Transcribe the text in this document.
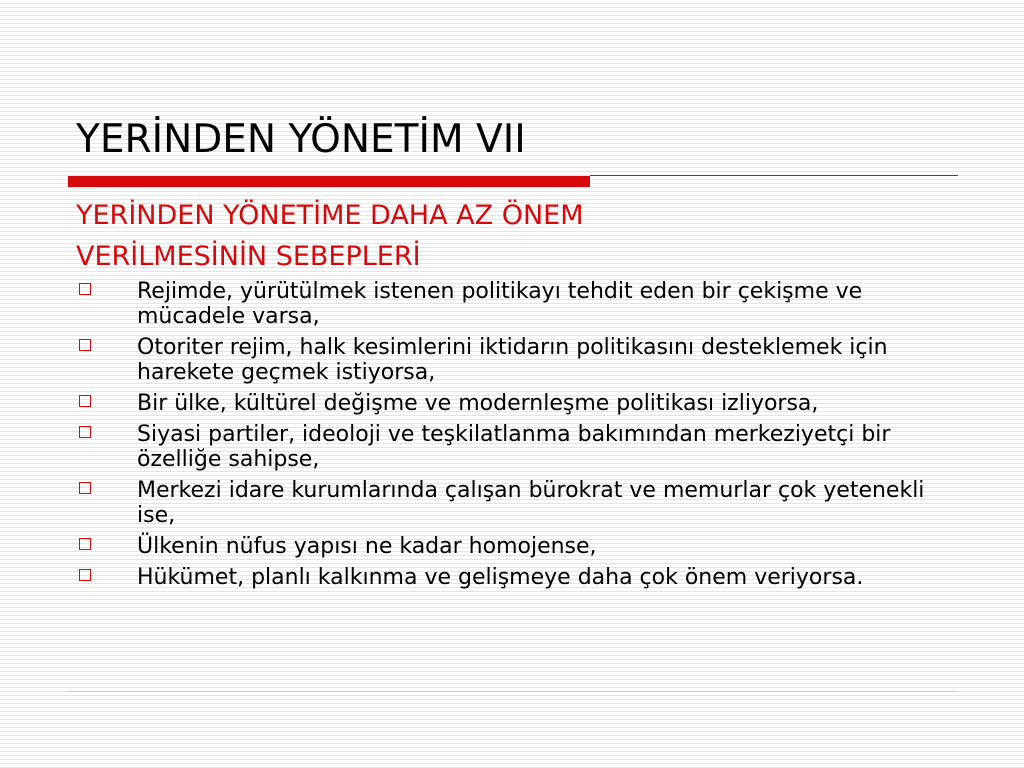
YERİNDEN YÖNETİM VII
YERİNDEN YÖNETİME DAHA AZ ÖNEM
VERİLMESİNİN SEBEPLERİ
Rejimde, yürütülmek istenen politikayı tehdit eden bir çekişme ve mücadele varsa,
Otoriter rejim, halk kesimlerini iktidarın politikasını desteklemek için harekete geçmek istiyorsa,
Bir ülke, kültürel değişme ve modernleşme politikası izliyorsa,
Siyasi partiler, ideoloji ve teşkilatlanma bakımından merkeziyetçi bir özelliğe sahipse,
Merkezi idare kurumlarında çalışan bürokrat ve memurlar çok yetenekli ise,
Ülkenin nüfus yapısı ne kadar homojense,
Hükümet, planlı kalkınma ve gelişmeye daha çok önem veriyorsa.
